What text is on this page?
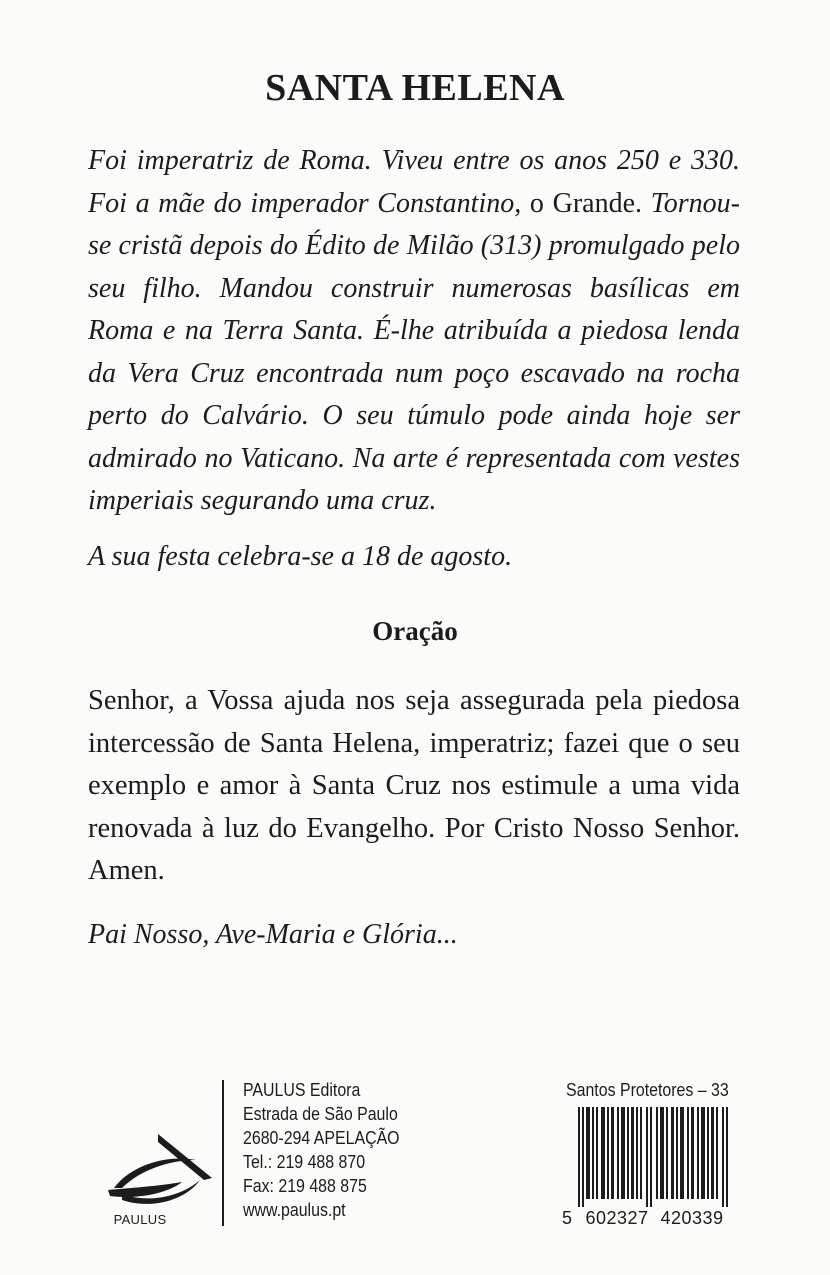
SANTA HELENA

Foi imperatriz de Roma. Viveu entre os anos 250 e 330. Foi a mãe do imperador Constantino, o Grande. Tornou-se cristã depois do Édito de Milão (313) promulgado pelo seu filho. Mandou construir numerosas basílicas em Roma e na Terra Santa. É-lhe atribuída a piedosa lenda da Vera Cruz encontrada num poço escavado na rocha perto do Calvário. O seu túmulo pode ainda hoje ser admirado no Vaticano. Na arte é representada com vestes imperiais segurando uma cruz.

A sua festa celebra-se a 18 de agosto.

Oração

Senhor, a Vossa ajuda nos seja assegurada pela piedosa intercessão de Santa Helena, imperatriz; fazei que o seu exemplo e amor à Santa Cruz nos estimule a uma vida renovada à luz do Evangelho. Por Cristo Nosso Senhor. Amen.

Pai Nosso, Ave-Maria e Glória...

PAULUS
PAULUS Editora
Estrada de São Paulo
2680-294 APELAÇÃO
Tel.: 219 488 870
Fax: 219 488 875
www.paulus.pt
Santos Protetores – 33
5 602327 420339
